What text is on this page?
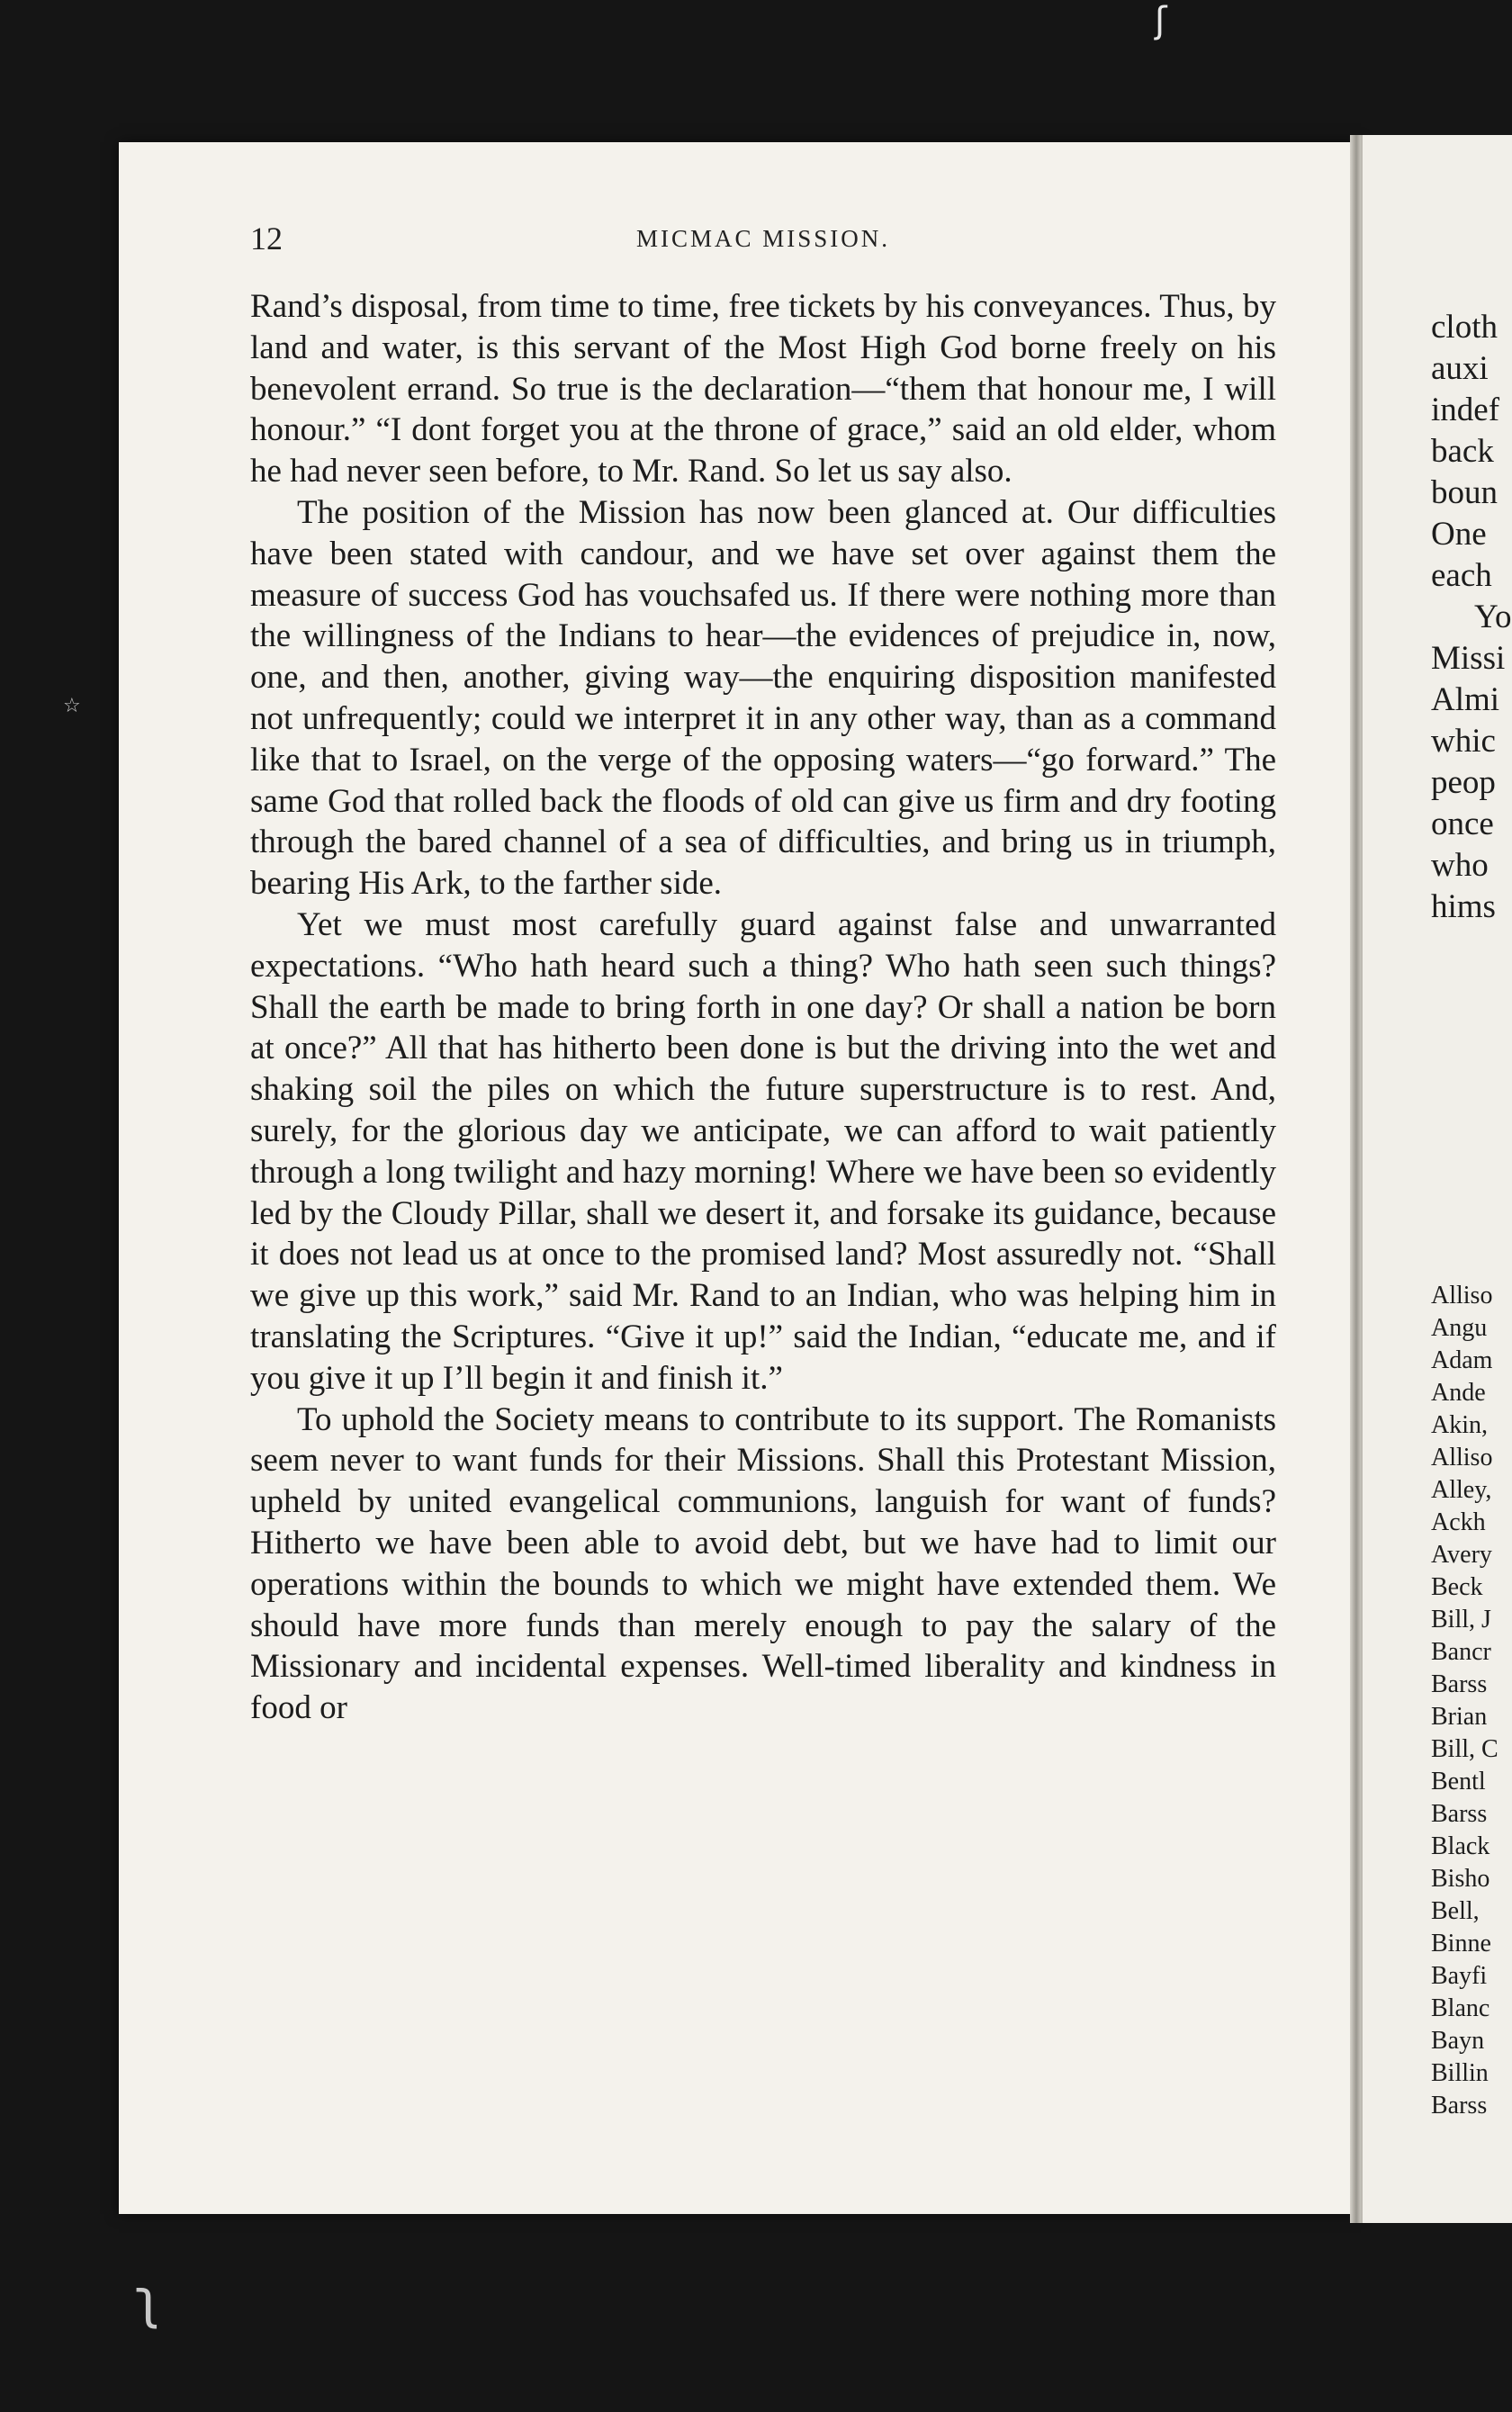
ʃ
☆
ʅ
12	MICMAC MISSION.

Rand’s disposal, from time to time, free tickets by his conveyances. Thus, by land and water, is this servant of the Most High God borne freely on his benevolent errand. So true is the declaration—“them that honour me, I will honour.” “I dont forget you at the throne of grace,” said an old elder, whom he had never seen before, to Mr. Rand. So let us say also.

The position of the Mission has now been glanced at. Our difficulties have been stated with candour, and we have set over against them the measure of success God has vouchsafed us. If there were nothing more than the willingness of the Indians to hear—the evidences of prejudice in, now, one, and then, another, giving way—the enquiring disposition manifested not unfrequently; could we interpret it in any other way, than as a command like that to Israel, on the verge of the opposing waters—“go forward.” The same God that rolled back the floods of old can give us firm and dry footing through the bared channel of a sea of difficulties, and bring us in triumph, bearing His Ark, to the farther side.

Yet we must most carefully guard against false and unwarranted expectations. “Who hath heard such a thing? Who hath seen such things? Shall the earth be made to bring forth in one day? Or shall a nation be born at once?” All that has hitherto been done is but the driving into the wet and shaking soil the piles on which the future superstructure is to rest. And, surely, for the glorious day we anticipate, we can afford to wait patiently through a long twilight and hazy morning! Where we have been so evidently led by the Cloudy Pillar, shall we desert it, and forsake its guidance, because it does not lead us at once to the promised land? Most assuredly not. “Shall we give up this work,” said Mr. Rand to an Indian, who was helping him in translating the Scriptures. “Give it up!” said the Indian, “educate me, and if you give it up I’ll begin it and finish it.”

To uphold the Society means to contribute to its support. The Romanists seem never to want funds for their Missions. Shall this Protestant Mission, upheld by united evangelical communions, languish for want of funds? Hitherto we have been able to avoid debt, but we have had to limit our operations within the bounds to which we might have extended them. We should have more funds than merely enough to pay the salary of the Missionary and incidental expenses. Well-timed liberality and kindness in food or

cloth
auxi
indef
back
boun
One
each
Yo
Missi
Almi
whic
peop
once
who
hims
Alliso
Angu
Adam
Ande
Akin,
Alliso
Alley,
Ackh
Avery
Beck
Bill, J
Bancr
Barss
Brian
Bill, C
Bentl
Barss
Black
Bisho
Bell,
Binne
Bayfi
Blanc
Bayn
Billin
Barss
